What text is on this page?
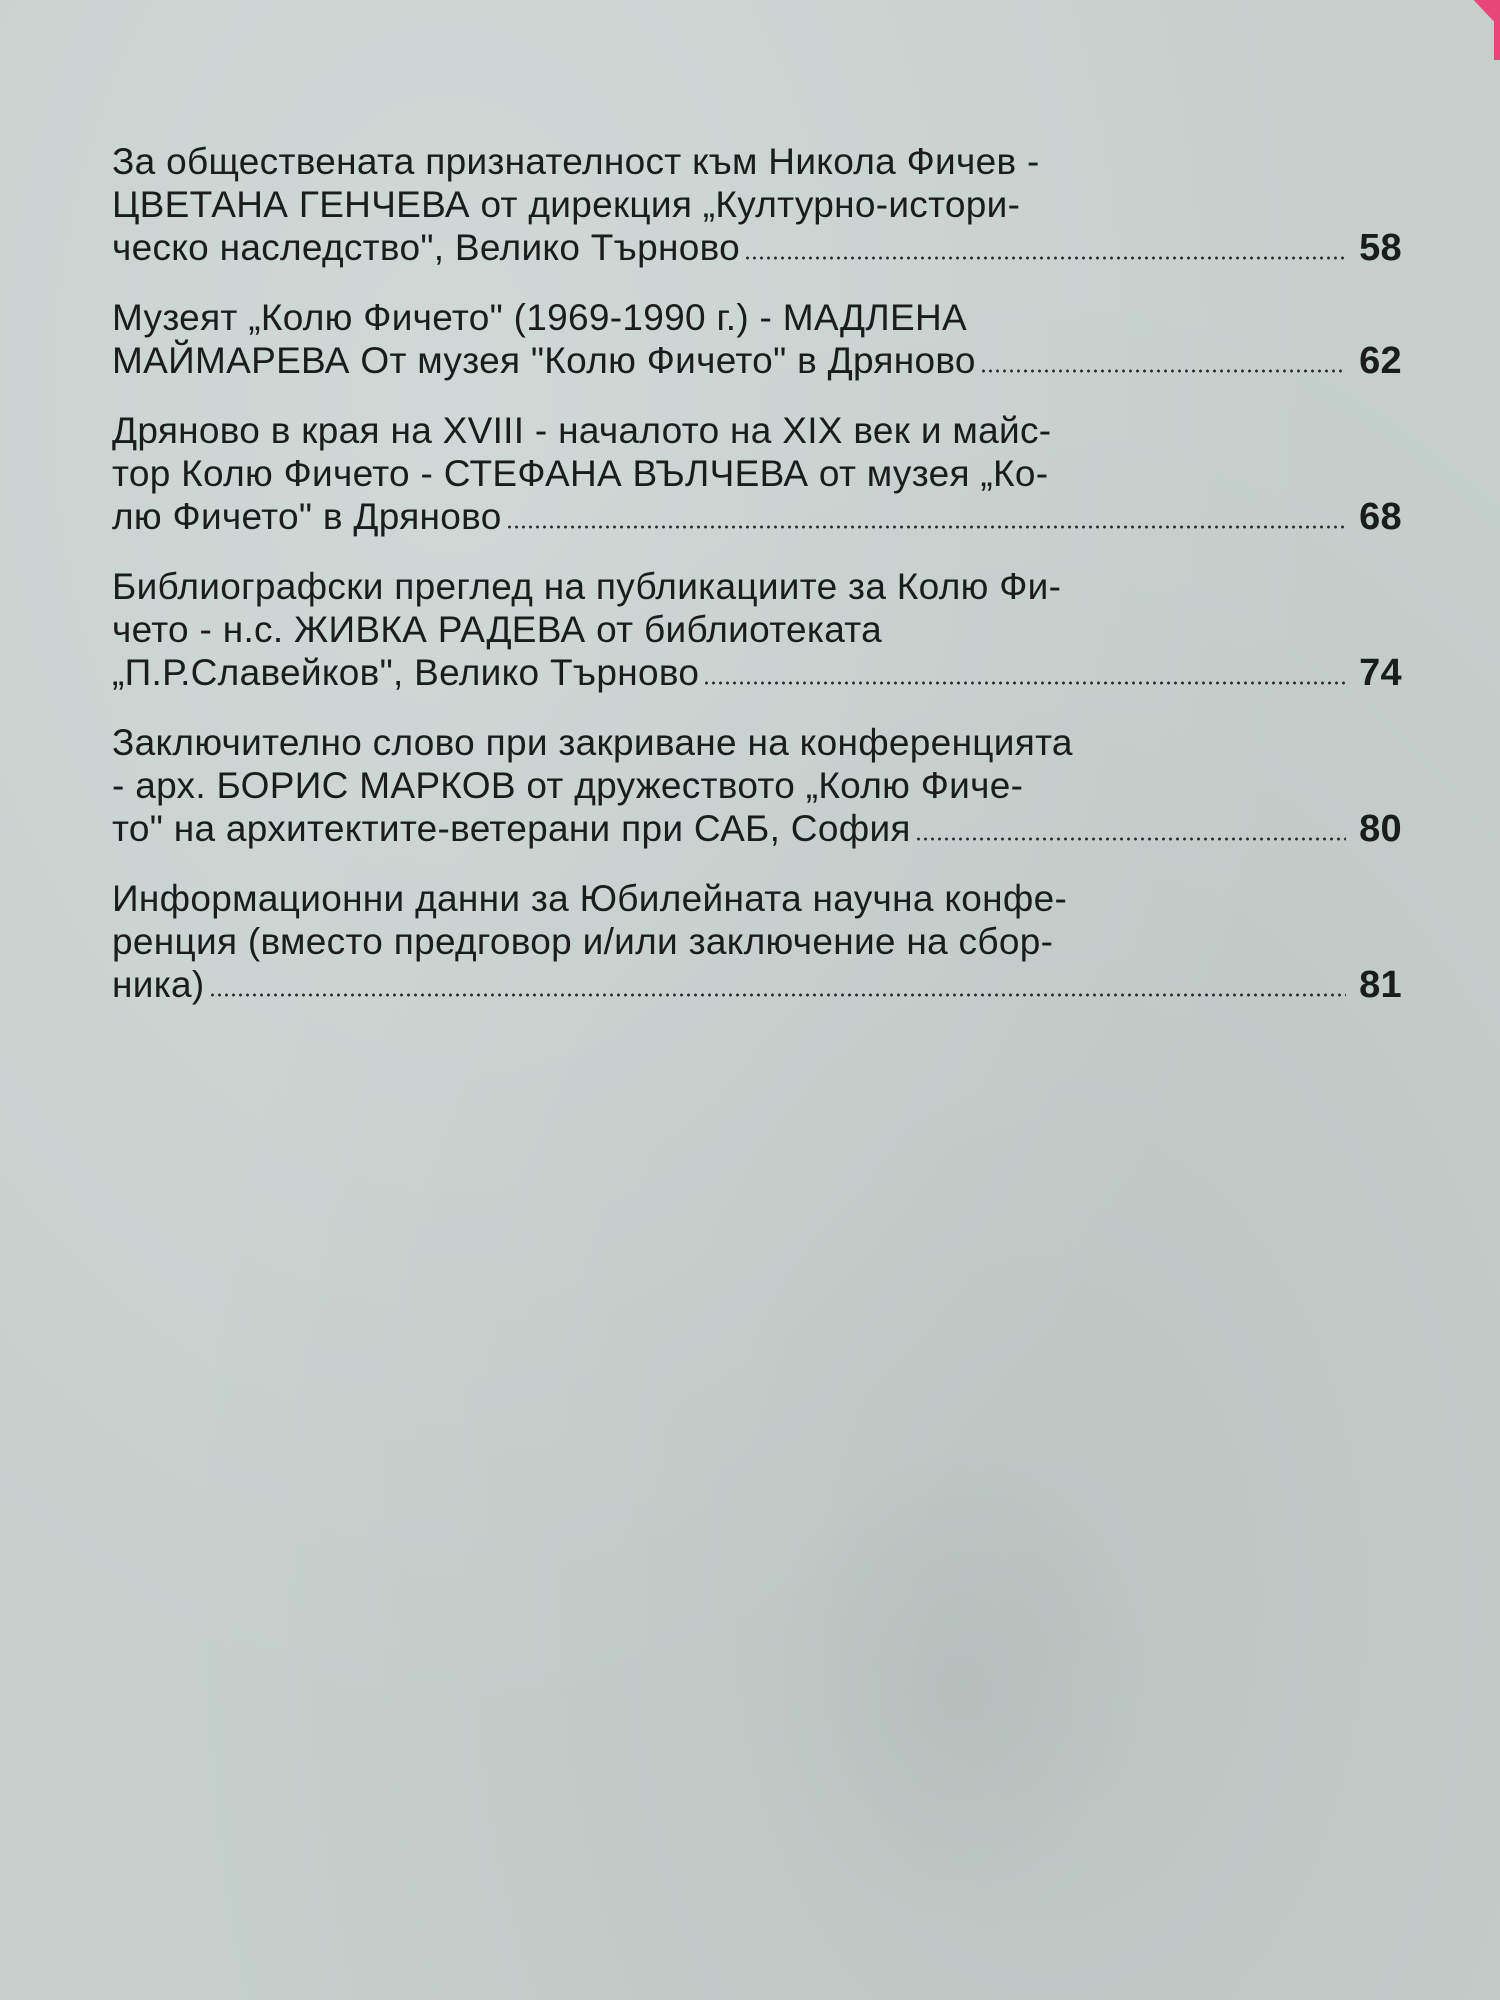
За обществената признателност към Никола Фичев -
ЦВЕТАНА ГЕНЧЕВА от дирекция „Културно-истори-
ческо наследство", Велико Търново	58
Музеят „Колю Фичето" (1969-1990 г.) - МАДЛЕНА
МАЙМАРЕВА От музея "Колю Фичето" в Дряново	62
Дряново в края на XVIII - началото на XIX век и майс-
тор Колю Фичето - СТЕФАНА ВЪЛЧЕВА от музея „Ко-
лю Фичето" в Дряново	68
Библиографски преглед на публикациите за Колю Фи-
чето - н.с. ЖИВКА РАДЕВА от библиотеката
„П.Р.Славейков", Велико Търново	74
Заключително слово при закриване на конференцията
- арх. БОРИС МАРКОВ от дружеството „Колю Фиче-
то" на архитектите-ветерани при САБ, София	80
Информационни данни за Юбилейната научна конфе-
ренция (вместо предговор и/или заключение на сбор-
ника)	81
